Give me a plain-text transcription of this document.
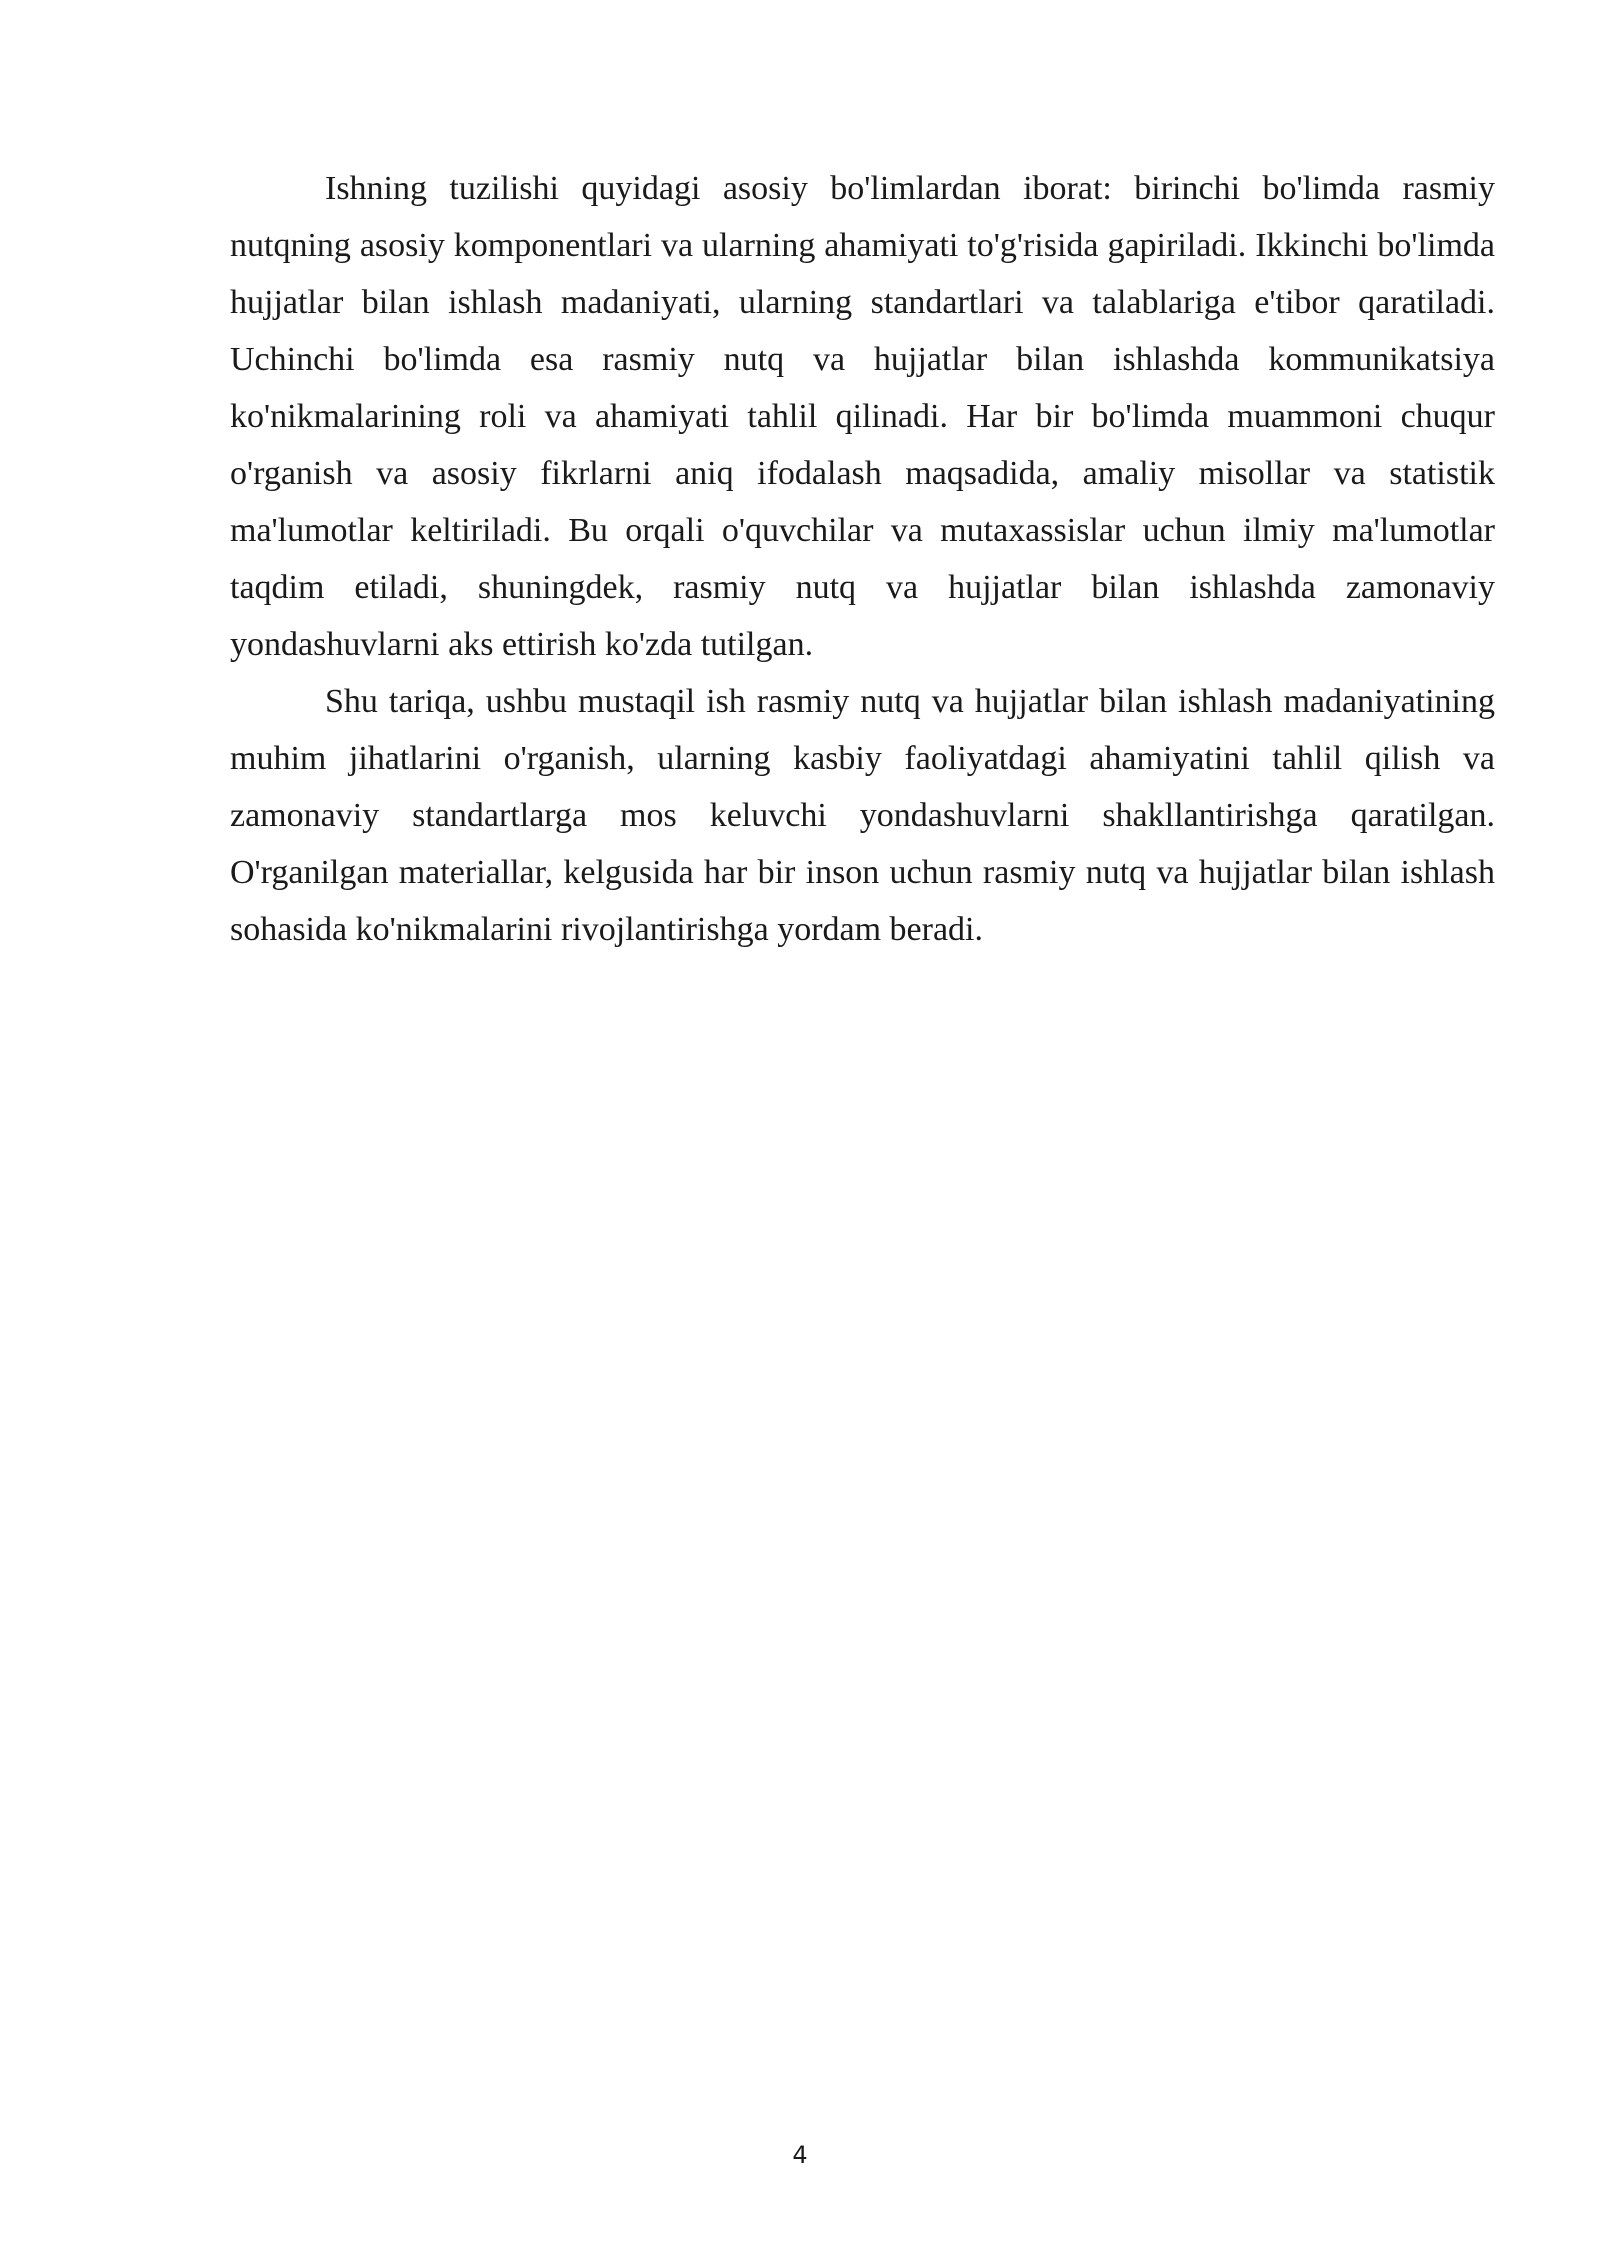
Ishning tuzilishi quyidagi asosiy bo'limlardan iborat: birinchi bo'limda rasmiy nutqning asosiy komponentlari va ularning ahamiyati to'g'risida gapiriladi. Ikkinchi bo'limda hujjatlar bilan ishlash madaniyati, ularning standartlari va talablariga e'tibor qaratiladi. Uchinchi bo'limda esa rasmiy nutq va hujjatlar bilan ishlashda kommunikatsiya ko'nikmalarining roli va ahamiyati tahlil qilinadi. Har bir bo'limda muammoni chuqur o'rganish va asosiy fikrlarni aniq ifodalash maqsadida, amaliy misollar va statistik ma'lumotlar keltiriladi. Bu orqali o'quvchilar va mutaxassislar uchun ilmiy ma'lumotlar taqdim etiladi, shuningdek, rasmiy nutq va hujjatlar bilan ishlashda zamonaviy yondashuvlarni aks ettirish ko'zda tutilgan.

Shu tariqa, ushbu mustaqil ish rasmiy nutq va hujjatlar bilan ishlash madaniyatining muhim jihatlarini o'rganish, ularning kasbiy faoliyatdagi ahamiyatini tahlil qilish va zamonaviy standartlarga mos keluvchi yondashuvlarni shakllantirishga qaratilgan. O'rganilgan materiallar, kelgusida har bir inson uchun rasmiy nutq va hujjatlar bilan ishlash sohasida ko'nikmalarini rivojlantirishga yordam beradi.

4
